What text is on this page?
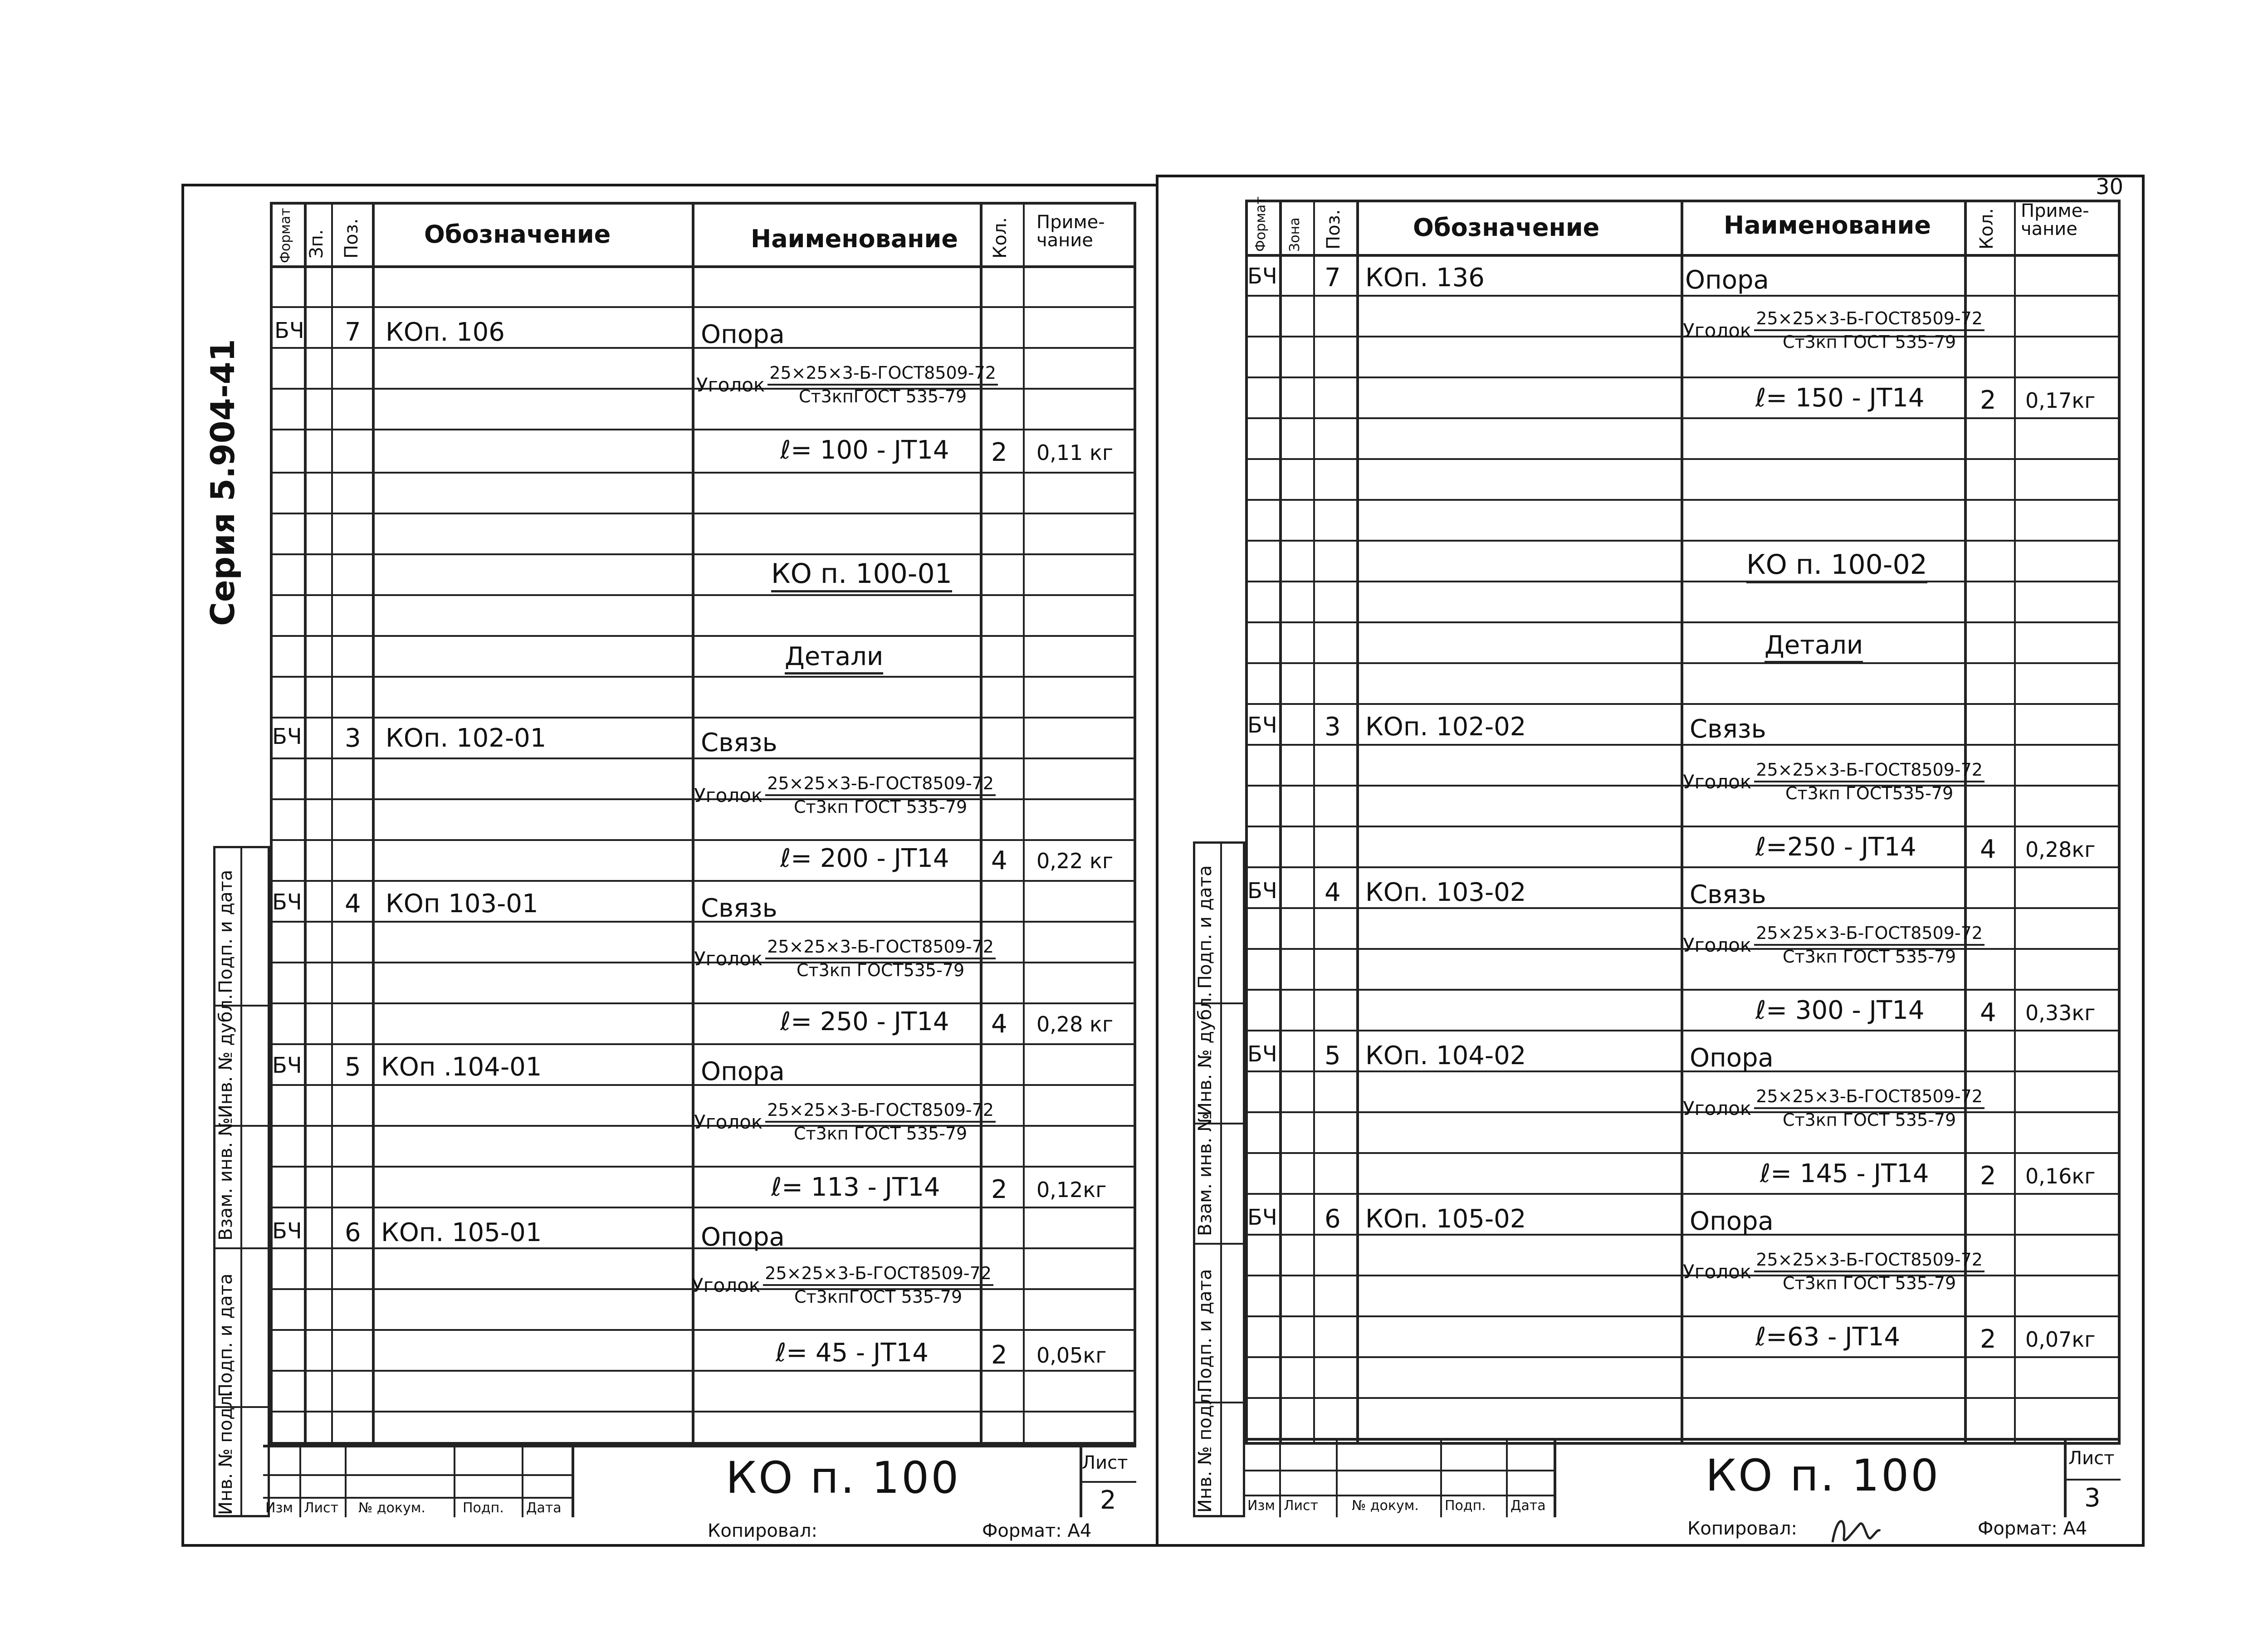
Серия 5.904-41
Формат Зп. Поз.	Обозначение	Наименование Кол. Приме-чание
БЧ 7 КОп. 106	Опора
Уголок $\frac{\text{25×25×3-Б-ГОСТ8509-72}}{\text{Ст3кпГОСТ 535-79}}$
ℓ= 100 - ЈТ14 2 0,11 кг
КО п. 100-01
Детали
БЧ 3 КОп. 102-01	Связь
Уголок $\frac{\text{25×25×3-Б-ГОСТ8509-72}}{\text{Ст3кп ГОСТ 535-79}}$
ℓ= 200 - ЈТ14 4 0,22 кг
БЧ 4 КОп 103-01	Связь
Уголок $\frac{\text{25×25×3-Б-ГОСТ8509-72}}{\text{Ст3кп ГОСТ535-79}}$
ℓ= 250 - ЈТ14 4 0,28 кг
БЧ 5 КОп .104-01	Опора
Уголок $\frac{\text{25×25×3-Б-ГОСТ8509-72}}{\text{Ст3кп ГОСТ 535-79}}$
ℓ= 113 - ЈТ14 2 0,12кг
БЧ 6 КОп. 105-01	Опора
Уголок $\frac{\text{25×25×3-Б-ГОСТ8509-72}}{\text{Ст3кпГОСТ 535-79}}$
ℓ= 45 - ЈТ14 2 0,05кг
Подп. и дата
Инв. № дубл.
Взам. инв. №
Подп. и дата
Инв. № подл. Изм Лист № докум.	Подп. Дата
КО п. 100	Лист
2
Копировал:	Формат: А4
30
Формат Зона Поз.	Обозначение	Наименование Кол. Приме-чание
БЧ 7 КОп. 136	Опора
Уголок $\frac{\text{25×25×3-Б-ГОСТ8509-72}}{\text{Ст3кп ГОСТ 535-79}}$
ℓ= 150 - ЈТ14 2 0,17кг
КО п. 100-02
Детали
БЧ 3 КОп. 102-02	Связь
Уголок $\frac{\text{25×25×3-Б-ГОСТ8509-72}}{\text{Ст3кп ГОСТ535-79}}$
ℓ=250 - ЈТ14	4 0,28кг
БЧ 4 КОп. 103-02	Связь
Уголок $\frac{\text{25×25×3-Б-ГОСТ8509-72}}{\text{Ст3кп ГОСТ 535-79}}$
ℓ= 300 - ЈТ14 4 0,33кг
БЧ 5 КОп. 104-02	Опора
Уголок $\frac{\text{25×25×3-Б-ГОСТ8509-72}}{\text{Ст3кп ГОСТ 535-79}}$
ℓ= 145 - ЈТ14 2 0,16кг
БЧ 6 КОп. 105-02	Опора
Уголок $\frac{\text{25×25×3-Б-ГОСТ8509-72}}{\text{Ст3кп ГОСТ 535-79}}$
ℓ=63 - ЈТ14	2 0,07кг
Подп. и дата
Инв. № дубл.
Взам. инв. №
Подп. и дата
Инв. № подл. Изм Лист № докум. Подп. Дата
КО п. 100	Лист
3
Копировал:	Формат: А4
